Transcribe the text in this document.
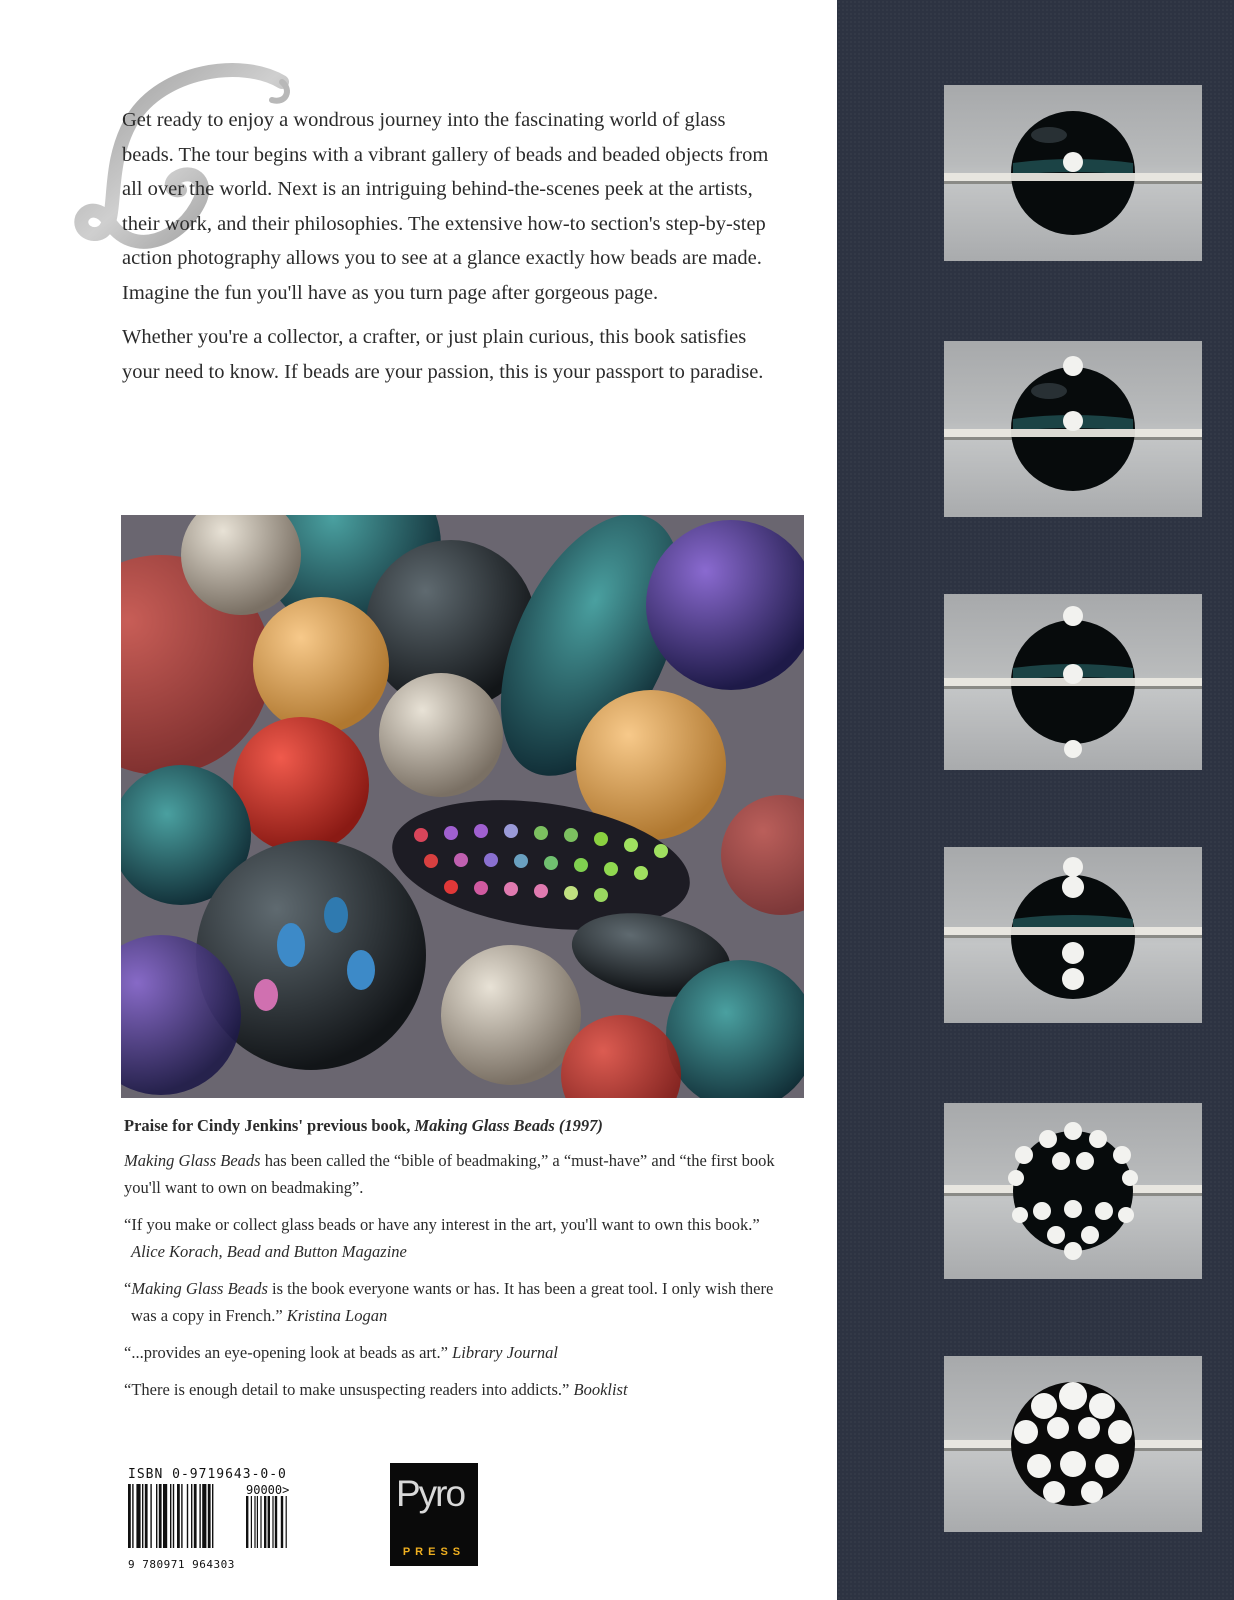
Get ready to enjoy a wondrous journey into the fascinating world of glass beads. The tour begins with a vibrant gallery of beads and beaded objects from all over the world. Next is an intriguing behind-the-scenes peek at the artists, their work, and their philosophies. The extensive how-to section's step-by-step action photography allows you to see at a glance exactly how beads are made. Imagine the fun you'll have as you turn page after gorgeous page.

Whether you're a collector, a crafter, or just plain curious, this book satisfies your need to know. If beads are your passion, this is your passport to paradise.

Praise for Cindy Jenkins' previous book, Making Glass Beads (1997)

Making Glass Beads has been called the “bible of beadmaking,” a “must-have” and “the first book you'll want to own on beadmaking”.

“If you make or collect glass beads or have any interest in the art, you'll want to own this book.” Alice Korach, Bead and Button Magazine

“Making Glass Beads is the book everyone wants or has. It has been a great tool. I only wish there was a copy in French.” Kristina Logan

“...provides an eye-opening look at beads as art.” Library Journal

“There is enough detail to make unsuspecting readers into addicts.” Booklist

ISBN 0-9719643-0-0
90000>
9 780971 964303
Pyro
PRESS
